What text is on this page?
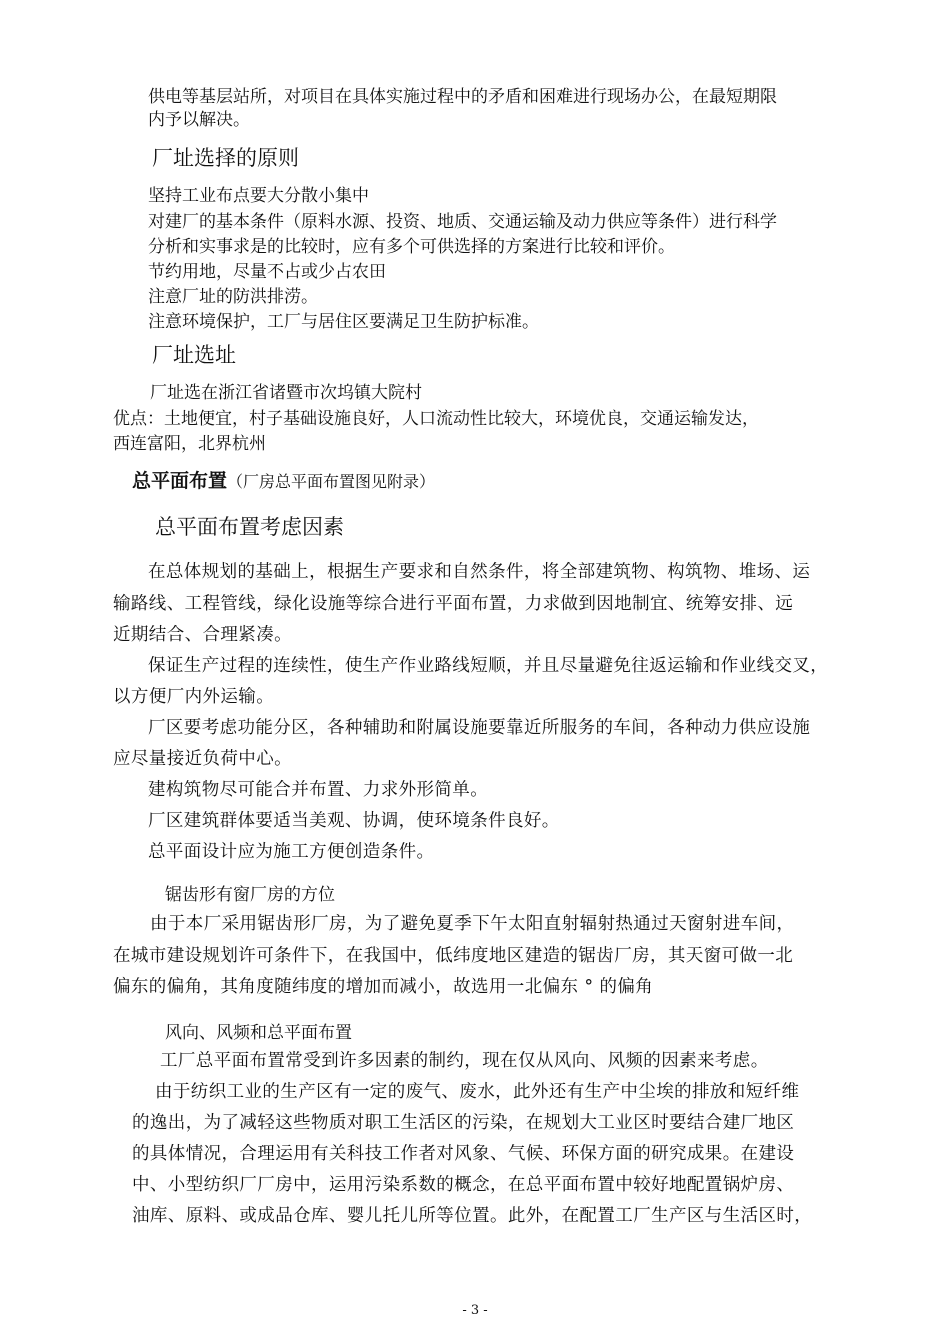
供电等基层站所，对项目在具体实施过程中的矛盾和困难进行现场办公，在最短期限
内予以解决。
厂址选择的原则
坚持工业布点要大分散小集中
对建厂的基本条件（原料水源、投资、地质、交通运输及动力供应等条件）进行科学
分析和实事求是的比较时，应有多个可供选择的方案进行比较和评价。
节约用地，尽量不占或少占农田
注意厂址的防洪排涝。
注意环境保护，工厂与居住区要满足卫生防护标准。
厂址选址
厂址选在浙江省诸暨市次坞镇大院村
优点：土地便宜，村子基础设施良好，人口流动性比较大，环境优良，交通运输发达，
西连富阳，北界杭州
总平面布置（厂房总平面布置图见附录）
总平面布置考虑因素
在总体规划的基础上，根据生产要求和自然条件，将全部建筑物、构筑物、堆场、运
输路线、工程管线，绿化设施等综合进行平面布置，力求做到因地制宜、统筹安排、远
近期结合、合理紧凑。
保证生产过程的连续性，使生产作业路线短顺，并且尽量避免往返运输和作业线交叉，
以方便厂内外运输。
厂区要考虑功能分区，各种辅助和附属设施要靠近所服务的车间，各种动力供应设施
应尽量接近负荷中心。
建构筑物尽可能合并布置、力求外形简单。
厂区建筑群体要适当美观、协调，使环境条件良好。
总平面设计应为施工方便创造条件。
锯齿形有窗厂房的方位
由于本厂采用锯齿形厂房，为了避免夏季下午太阳直射辐射热通过天窗射进车间，
在城市建设规划许可条件下，在我国中，低纬度地区建造的锯齿厂房，其天窗可做一北
偏东的偏角，其角度随纬度的增加而减小，故选用一北偏东 ° 的偏角
风向、风频和总平面布置
工厂总平面布置常受到许多因素的制约，现在仅从风向、风频的因素来考虑。
由于纺织工业的生产区有一定的废气、废水，此外还有生产中尘埃的排放和短纤维
的逸出，为了减轻这些物质对职工生活区的污染，在规划大工业区时要结合建厂地区
的具体情况，合理运用有关科技工作者对风象、气候、环保方面的研究成果。在建设
中、小型纺织厂厂房中，运用污染系数的概念，在总平面布置中较好地配置锅炉房、
油库、原料、或成品仓库、婴儿托儿所等位置。此外，在配置工厂生产区与生活区时，
- 3 -
